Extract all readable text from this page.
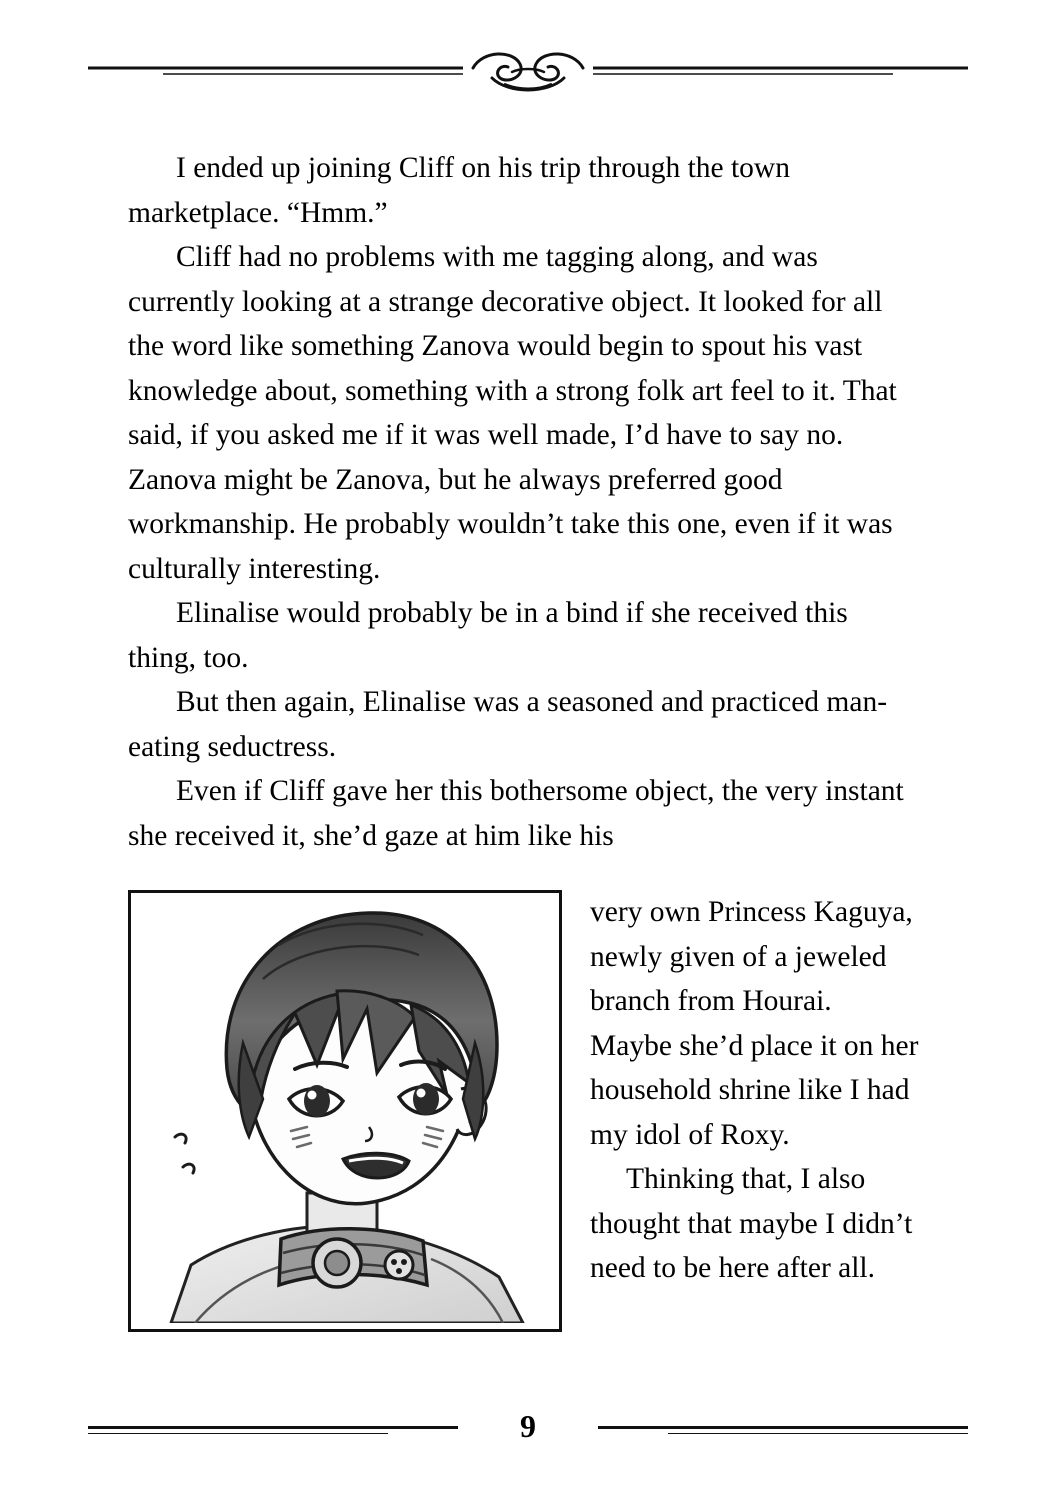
I ended up joining Cliff on his trip through the town marketplace. “Hmm.”

Cliff had no problems with me tagging along, and was currently looking at a strange decorative object. It looked for all the word like something Zanova would begin to spout his vast knowledge about, something with a strong folk art feel to it. That said, if you asked me if it was well made, I’d have to say no. Zanova might be Zanova, but he always preferred good workmanship. He probably wouldn’t take this one, even if it was culturally interesting.

Elinalise would probably be in a bind if she received this thing, too.

But then again, Elinalise was a seasoned and practiced man-eating seductress.

Even if Cliff gave her this bothersome object, the very instant she received it, she’d gaze at him like his

very own Princess Kaguya, newly given of a jeweled branch from Hourai. Maybe she’d place it on her household shrine like I had my idol of Roxy.

Thinking that, I also thought that maybe I didn’t need to be here after all.

9
